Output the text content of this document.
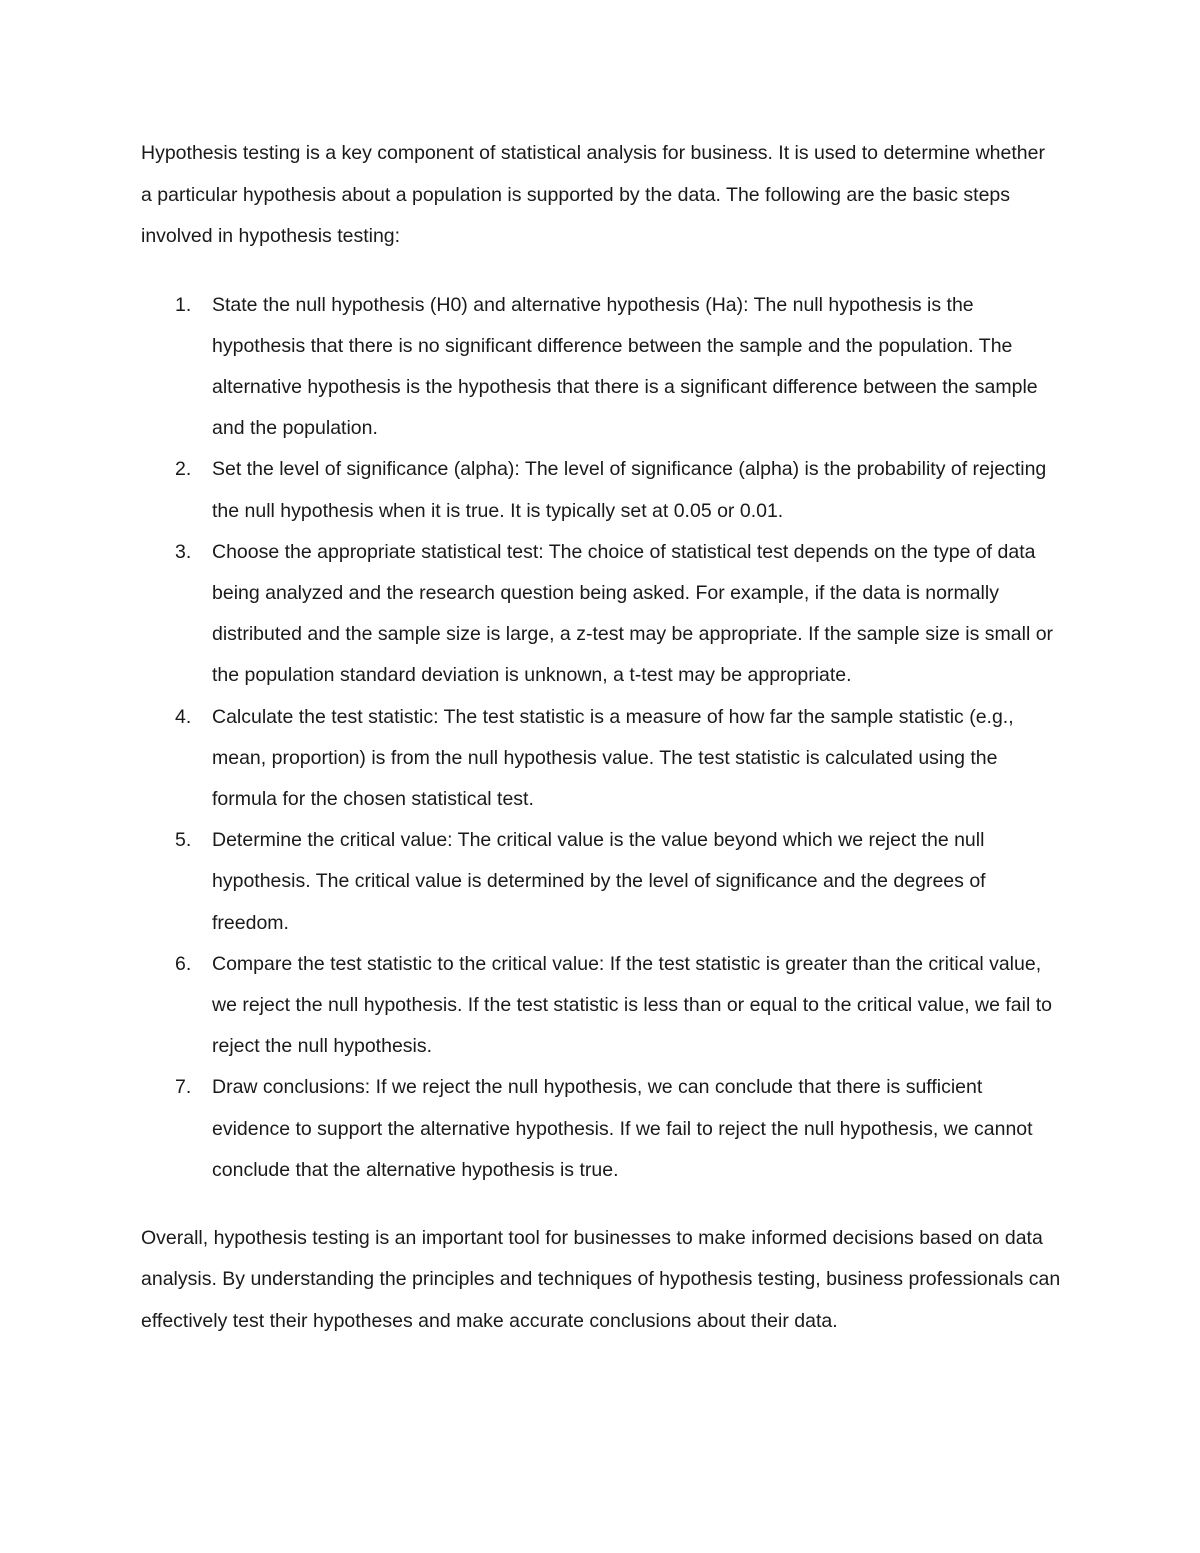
Hypothesis testing is a key component of statistical analysis for business. It is used to determine whether a particular hypothesis about a population is supported by the data. The following are the basic steps involved in hypothesis testing:

1. State the null hypothesis (H0) and alternative hypothesis (Ha): The null hypothesis is the hypothesis that there is no significant difference between the sample and the population. The alternative hypothesis is the hypothesis that there is a significant difference between the sample and the population.
2. Set the level of significance (alpha): The level of significance (alpha) is the probability of rejecting the null hypothesis when it is true. It is typically set at 0.05 or 0.01.
3. Choose the appropriate statistical test: The choice of statistical test depends on the type of data being analyzed and the research question being asked. For example, if the data is normally distributed and the sample size is large, a z-test may be appropriate. If the sample size is small or the population standard deviation is unknown, a t-test may be appropriate.
4. Calculate the test statistic: The test statistic is a measure of how far the sample statistic (e.g., mean, proportion) is from the null hypothesis value. The test statistic is calculated using the formula for the chosen statistical test.
5. Determine the critical value: The critical value is the value beyond which we reject the null hypothesis. The critical value is determined by the level of significance and the degrees of freedom.
6. Compare the test statistic to the critical value: If the test statistic is greater than the critical value, we reject the null hypothesis. If the test statistic is less than or equal to the critical value, we fail to reject the null hypothesis.
7. Draw conclusions: If we reject the null hypothesis, we can conclude that there is sufficient evidence to support the alternative hypothesis. If we fail to reject the null hypothesis, we cannot conclude that the alternative hypothesis is true.

Overall, hypothesis testing is an important tool for businesses to make informed decisions based on data analysis. By understanding the principles and techniques of hypothesis testing, business professionals can effectively test their hypotheses and make accurate conclusions about their data.
